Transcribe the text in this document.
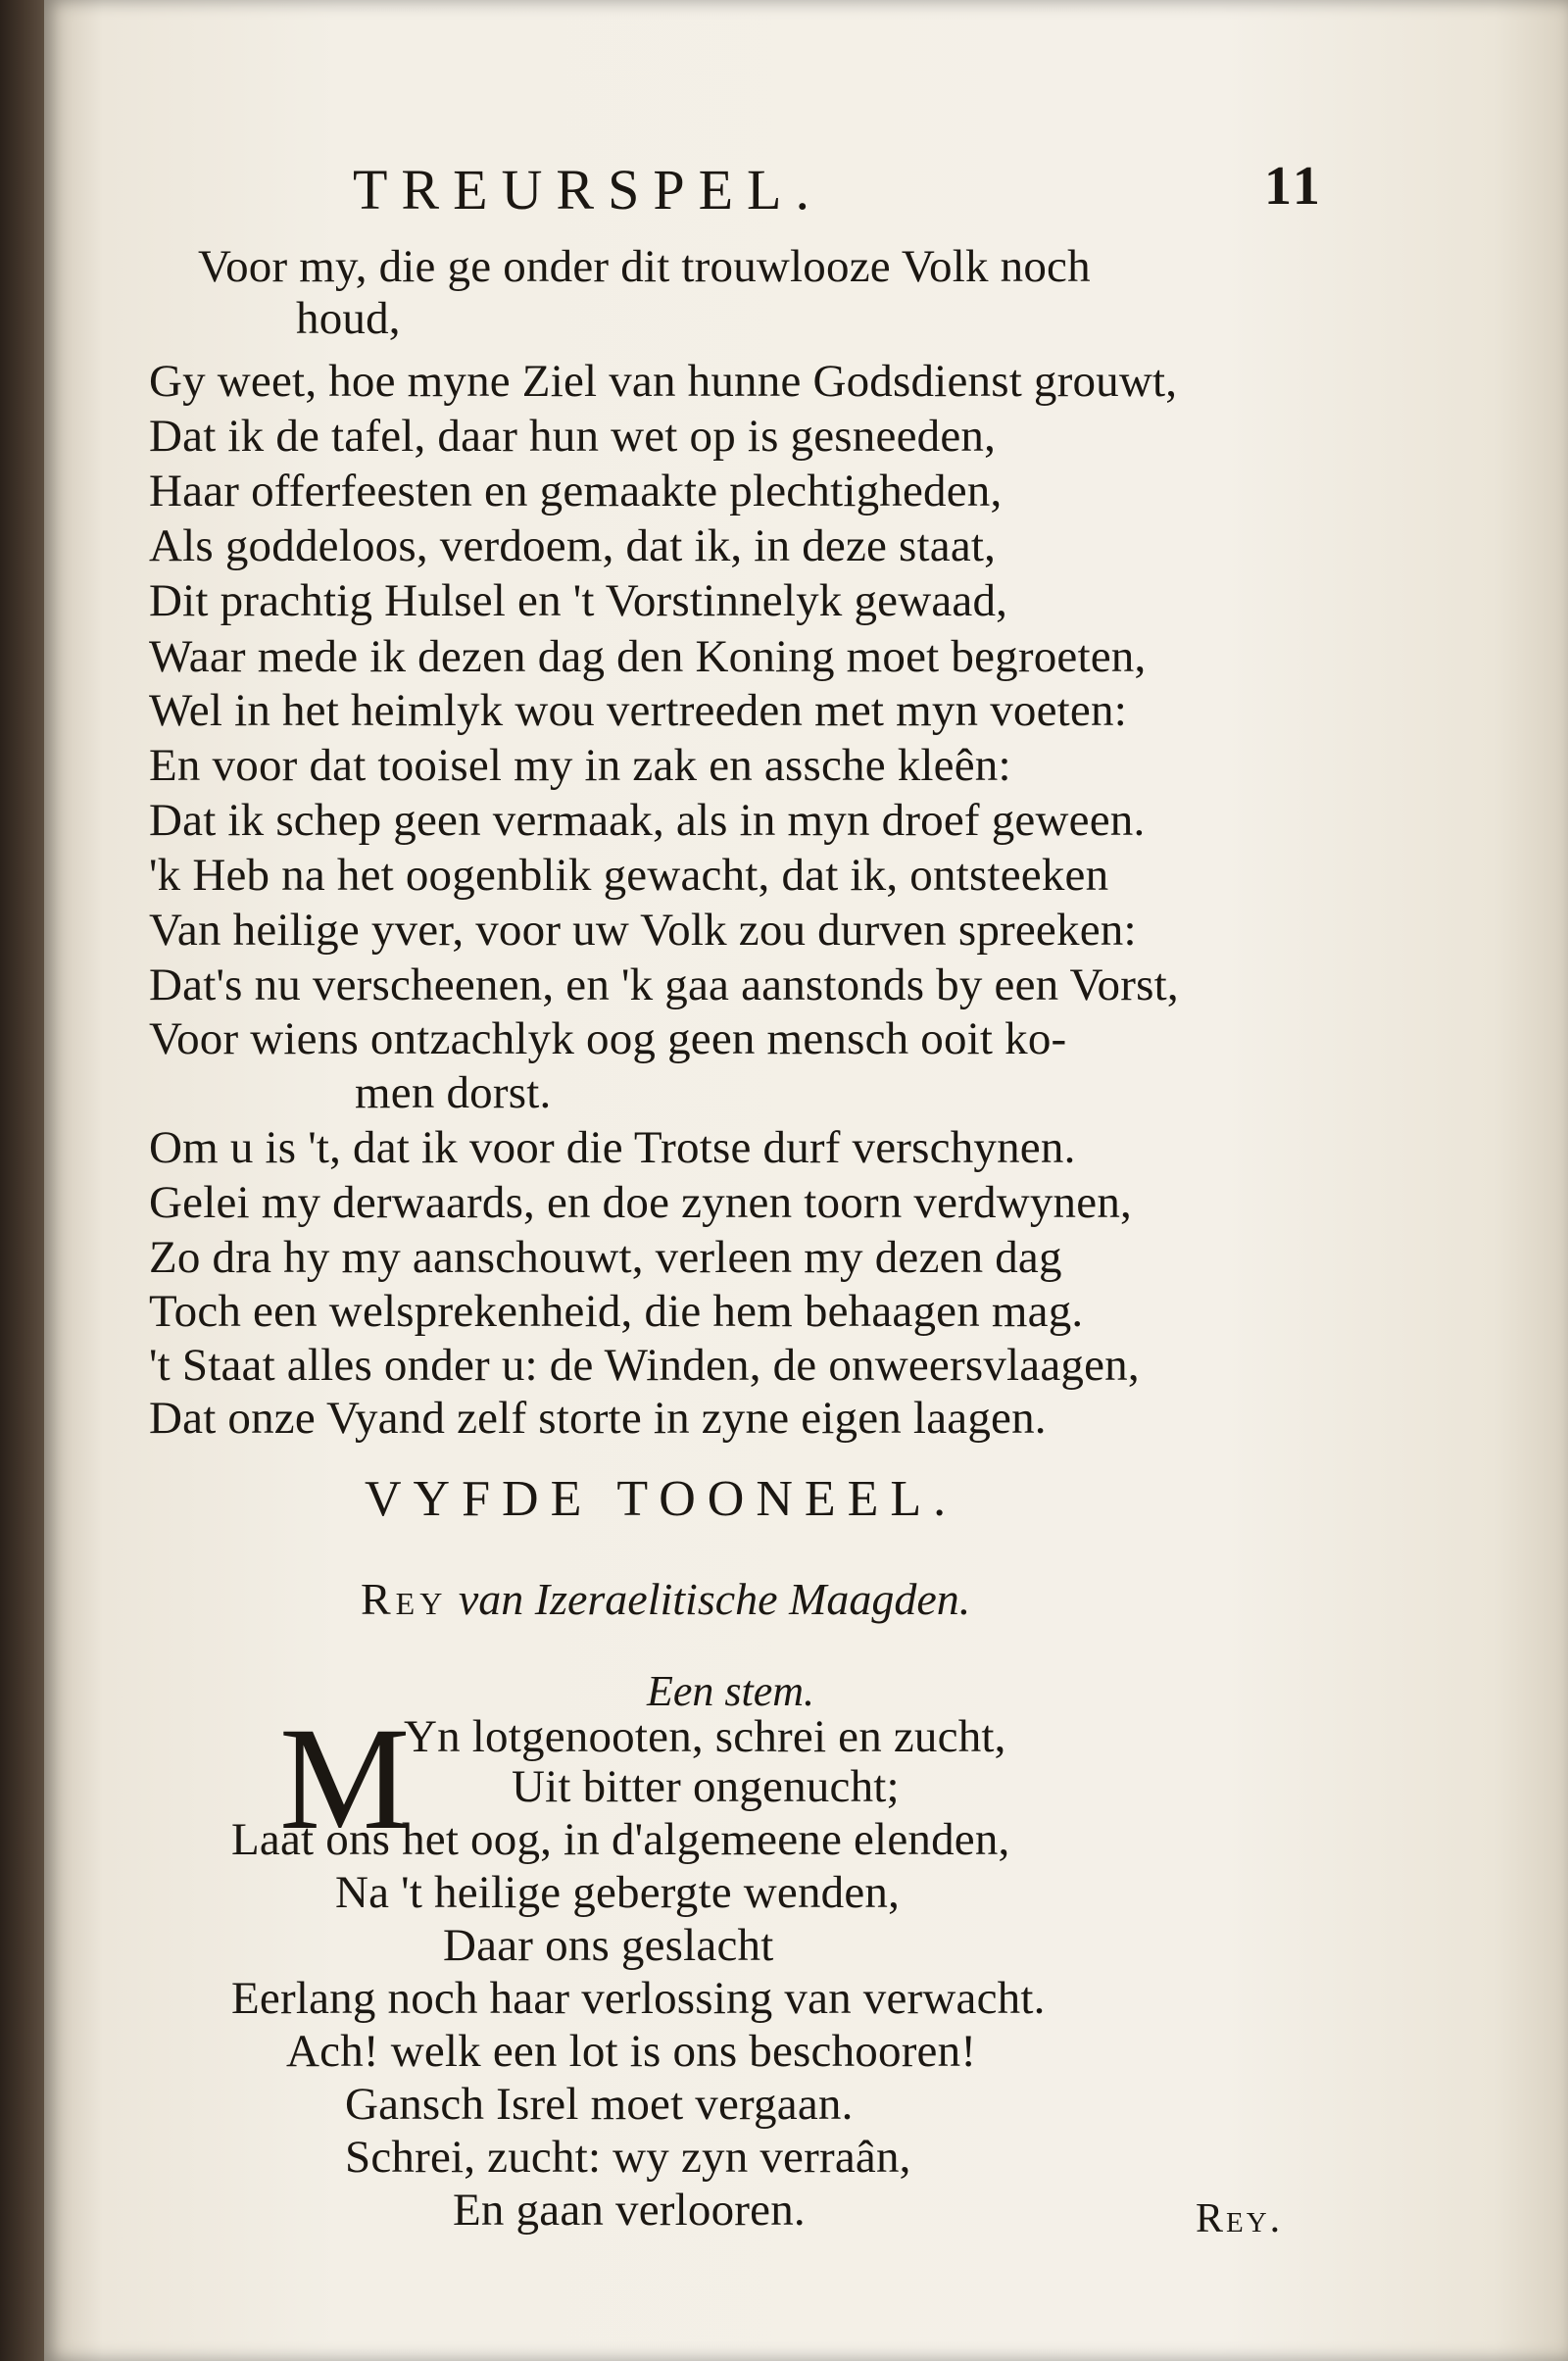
TREURSPEL.	11
Voor my, die ge onder dit trouwlooze Volk noch
houd,
Gy weet, hoe myne Ziel van hunne Godsdienst grouwt,
Dat ik de tafel, daar hun wet op is gesneeden,
Haar offerfeesten en gemaakte plechtigheden,
Als goddeloos, verdoem, dat ik, in deze staat,
Dit prachtig Hulsel en 't Vorstinnelyk gewaad,
Waar mede ik dezen dag den Koning moet begroeten,
Wel in het heimlyk wou vertreeden met myn voeten:
En voor dat tooisel my in zak en assche kleên:
Dat ik schep geen vermaak, als in myn droef geween.
'k Heb na het oogenblik gewacht, dat ik, ontsteeken
Van heilige yver, voor uw Volk zou durven spreeken:
Dat's nu verscheenen, en 'k gaa aanstonds by een Vorst,
Voor wiens ontzachlyk oog geen mensch ooit ko-
men dorst.
Om u is 't, dat ik voor die Trotse durf verschynen.
Gelei my derwaards, en doe zynen toorn verdwynen,
Zo dra hy my aanschouwt, verleen my dezen dag
Toch een welsprekenheid, die hem behaagen mag.
't Staat alles onder u: de Winden, de onweersvlaagen,
Dat onze Vyand zelf storte in zyne eigen laagen.
VYFDE TOONEEL.
Rey van Izeraelitische Maagden.
Een stem.
M
Yn lotgenooten, schrei en zucht,
Uit bitter ongenucht;
Laat ons het oog, in d'algemeene elenden,
Na 't heilige gebergte wenden,
Daar ons geslacht
Eerlang noch haar verlossing van verwacht.
Ach! welk een lot is ons beschooren!
Gansch Isrel moet vergaan.
Schrei, zucht: wy zyn verraân,
En gaan verlooren.	Rey.
